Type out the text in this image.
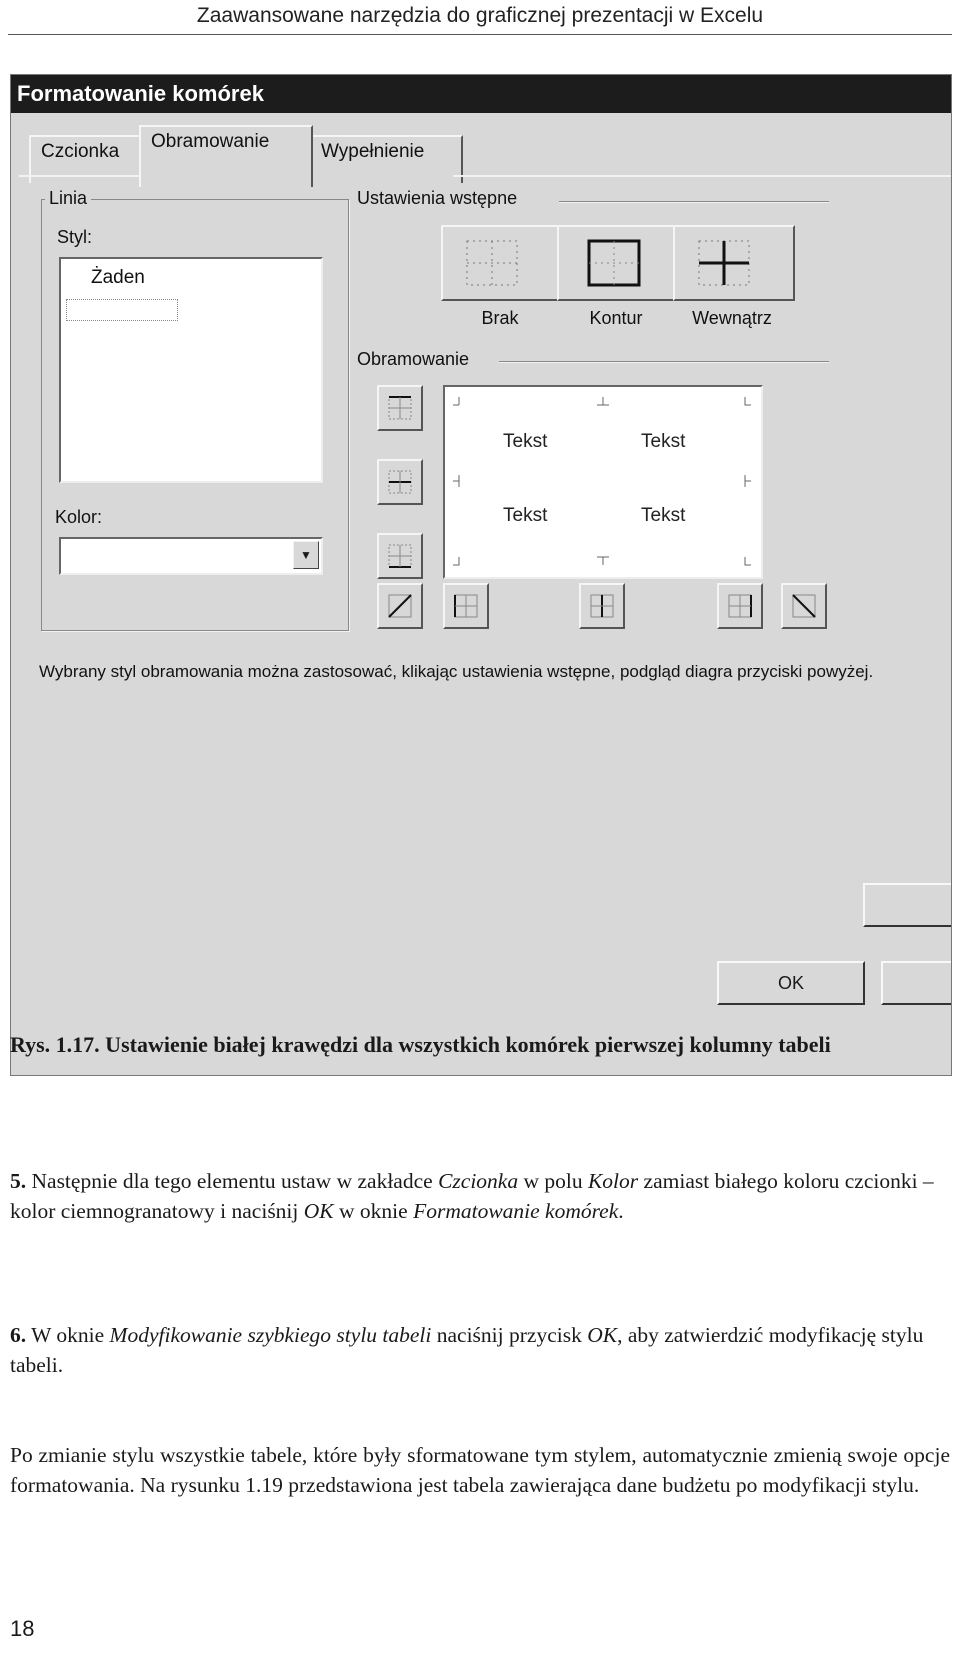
Zaawansowane narzędzia do graficznej prezentacji w Excelu
Formatowanie komórek
Czcionka	Obramowanie	Wypełnienie
Linia
Styl:
Żaden
Kolor:
▼
Ustawienia wstępne
Brak	Kontur	Wewnątrz
Obramowanie
Tekst	Tekst
Tekst	Tekst
Wybrany styl obramowania można zastosować, klikając ustawienia wstępne, podgląd diagra przyciski powyżej.
OK
Rys. 1.17. Ustawienie białej krawędzi dla wszystkich komórek pierwszej kolumny tabeli
5. Następnie dla tego elementu ustaw w zakładce Czcionka w polu Kolor zamiast białego koloru czcionki – kolor ciemnogranatowy i naciśnij OK w oknie Formatowanie komórek.
6. W oknie Modyfikowanie szybkiego stylu tabeli naciśnij przycisk OK, aby zatwierdzić modyfikację stylu tabeli.
Po zmianie stylu wszystkie tabele, które były sformatowane tym stylem, automatycznie zmienią swoje opcje formatowania. Na rysunku 1.19 przedstawiona jest tabela zawierająca dane budżetu po modyfikacji stylu.
18
